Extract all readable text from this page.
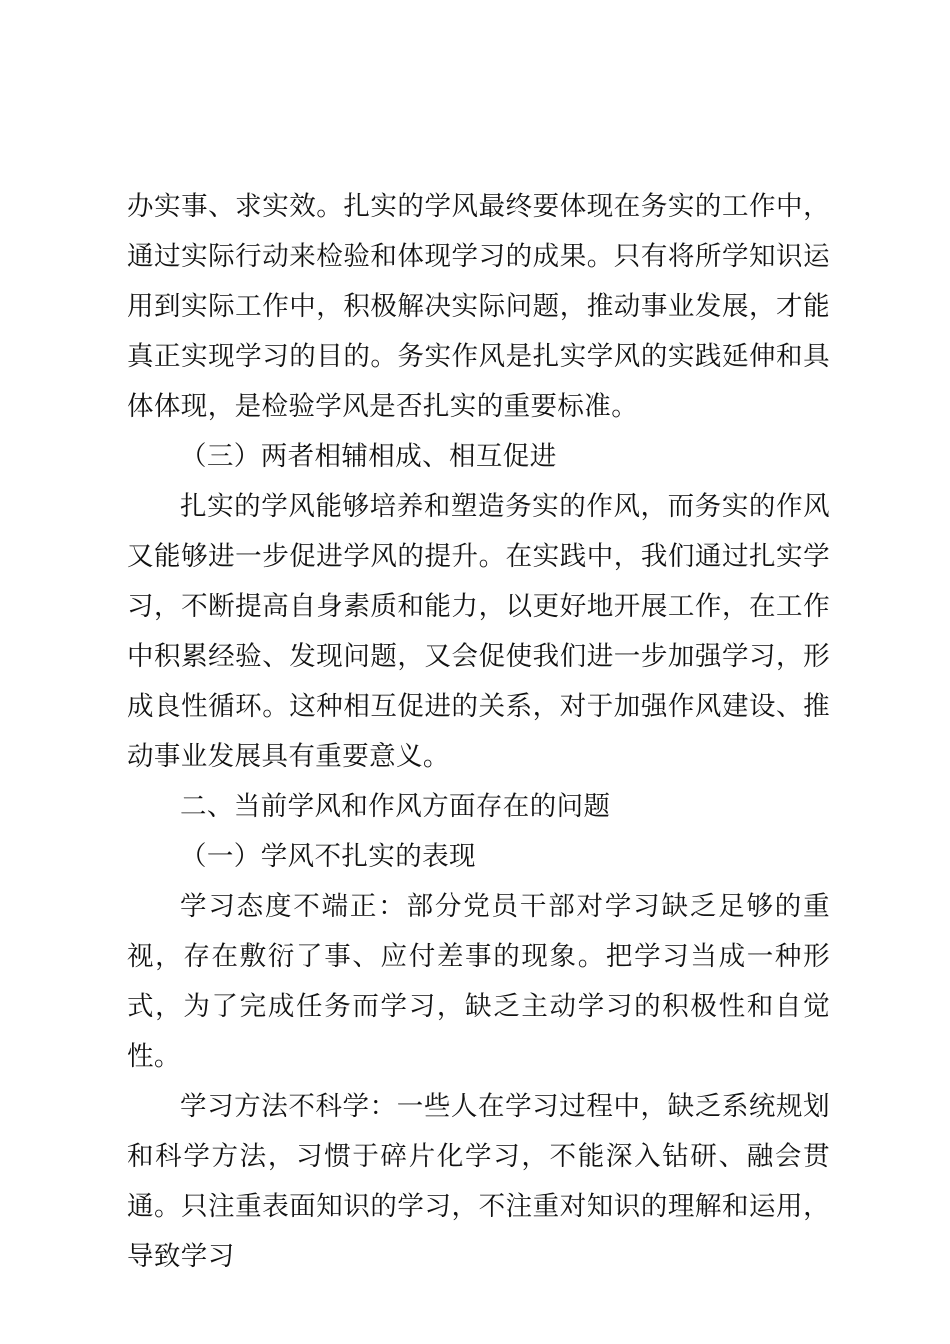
办实事、求实效。扎实的学风最终要体现在务实的工作中，通过实际行动来检验和体现学习的成果。只有将所学知识运用到实际工作中，积极解决实际问题，推动事业发展，才能真正实现学习的目的。务实作风是扎实学风的实践延伸和具体体现，是检验学风是否扎实的重要标准。

（三）两者相辅相成、相互促进

扎实的学风能够培养和塑造务实的作风，而务实的作风又能够进一步促进学风的提升。在实践中，我们通过扎实学习，不断提高自身素质和能力，以更好地开展工作，在工作中积累经验、发现问题，又会促使我们进一步加强学习，形成良性循环。这种相互促进的关系，对于加强作风建设、推动事业发展具有重要意义。

二、当前学风和作风方面存在的问题

（一）学风不扎实的表现

学习态度不端正：部分党员干部对学习缺乏足够的重视，存在敷衍了事、应付差事的现象。把学习当成一种形式，为了完成任务而学习，缺乏主动学习的积极性和自觉性。

学习方法不科学：一些人在学习过程中，缺乏系统规划和科学方法，习惯于碎片化学习，不能深入钻研、融会贯通。只注重表面知识的学习，不注重对知识的理解和运用，导致学习
